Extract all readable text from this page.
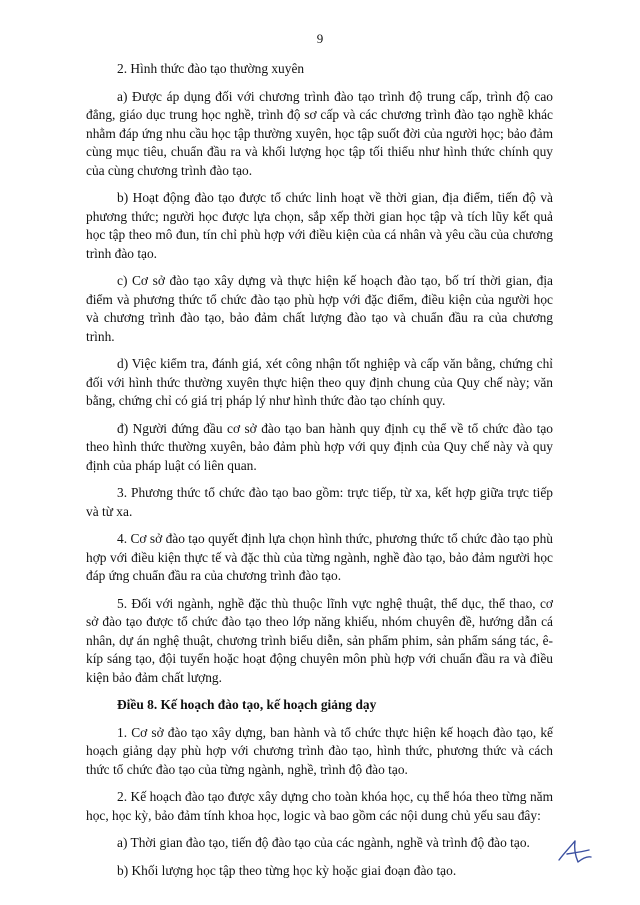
9

2. Hình thức đào tạo thường xuyên

a) Được áp dụng đối với chương trình đào tạo trình độ trung cấp, trình độ cao đẳng, giáo dục trung học nghề, trình độ sơ cấp và các chương trình đào tạo nghề khác nhằm đáp ứng nhu cầu học tập thường xuyên, học tập suốt đời của người học; bảo đảm cùng mục tiêu, chuẩn đầu ra và khối lượng học tập tối thiểu như hình thức chính quy của cùng chương trình đào tạo.

b) Hoạt động đào tạo được tổ chức linh hoạt về thời gian, địa điểm, tiến độ và phương thức; người học được lựa chọn, sắp xếp thời gian học tập và tích lũy kết quả học tập theo mô đun, tín chỉ phù hợp với điều kiện của cá nhân và yêu cầu của chương trình đào tạo.

c) Cơ sở đào tạo xây dựng và thực hiện kế hoạch đào tạo, bố trí thời gian, địa điểm và phương thức tổ chức đào tạo phù hợp với đặc điểm, điều kiện của người học và chương trình đào tạo, bảo đảm chất lượng đào tạo và chuẩn đầu ra của chương trình.

d) Việc kiểm tra, đánh giá, xét công nhận tốt nghiệp và cấp văn bằng, chứng chỉ đối với hình thức thường xuyên thực hiện theo quy định chung của Quy chế này; văn bằng, chứng chỉ có giá trị pháp lý như hình thức đào tạo chính quy.

đ) Người đứng đầu cơ sở đào tạo ban hành quy định cụ thể về tổ chức đào tạo theo hình thức thường xuyên, bảo đảm phù hợp với quy định của Quy chế này và quy định của pháp luật có liên quan.

3. Phương thức tổ chức đào tạo bao gồm: trực tiếp, từ xa, kết hợp giữa trực tiếp và từ xa.

4. Cơ sở đào tạo quyết định lựa chọn hình thức, phương thức tổ chức đào tạo phù hợp với điều kiện thực tế và đặc thù của từng ngành, nghề đào tạo, bảo đảm người học đáp ứng chuẩn đầu ra của chương trình đào tạo.

5. Đối với ngành, nghề đặc thù thuộc lĩnh vực nghệ thuật, thể dục, thể thao, cơ sở đào tạo được tổ chức đào tạo theo lớp năng khiếu, nhóm chuyên đề, hướng dẫn cá nhân, dự án nghệ thuật, chương trình biểu diễn, sản phẩm phim, sản phẩm sáng tác, ê-kíp sáng tạo, đội tuyển hoặc hoạt động chuyên môn phù hợp với chuẩn đầu ra và điều kiện bảo đảm chất lượng.

Điều 8. Kế hoạch đào tạo, kế hoạch giảng dạy

1. Cơ sở đào tạo xây dựng, ban hành và tổ chức thực hiện kế hoạch đào tạo, kế hoạch giảng dạy phù hợp với chương trình đào tạo, hình thức, phương thức và cách thức tổ chức đào tạo của từng ngành, nghề, trình độ đào tạo.

2. Kế hoạch đào tạo được xây dựng cho toàn khóa học, cụ thể hóa theo từng năm học, học kỳ, bảo đảm tính khoa học, logic và bao gồm các nội dung chủ yếu sau đây:

a) Thời gian đào tạo, tiến độ đào tạo của các ngành, nghề và trình độ đào tạo.

b) Khối lượng học tập theo từng học kỳ hoặc giai đoạn đào tạo.
